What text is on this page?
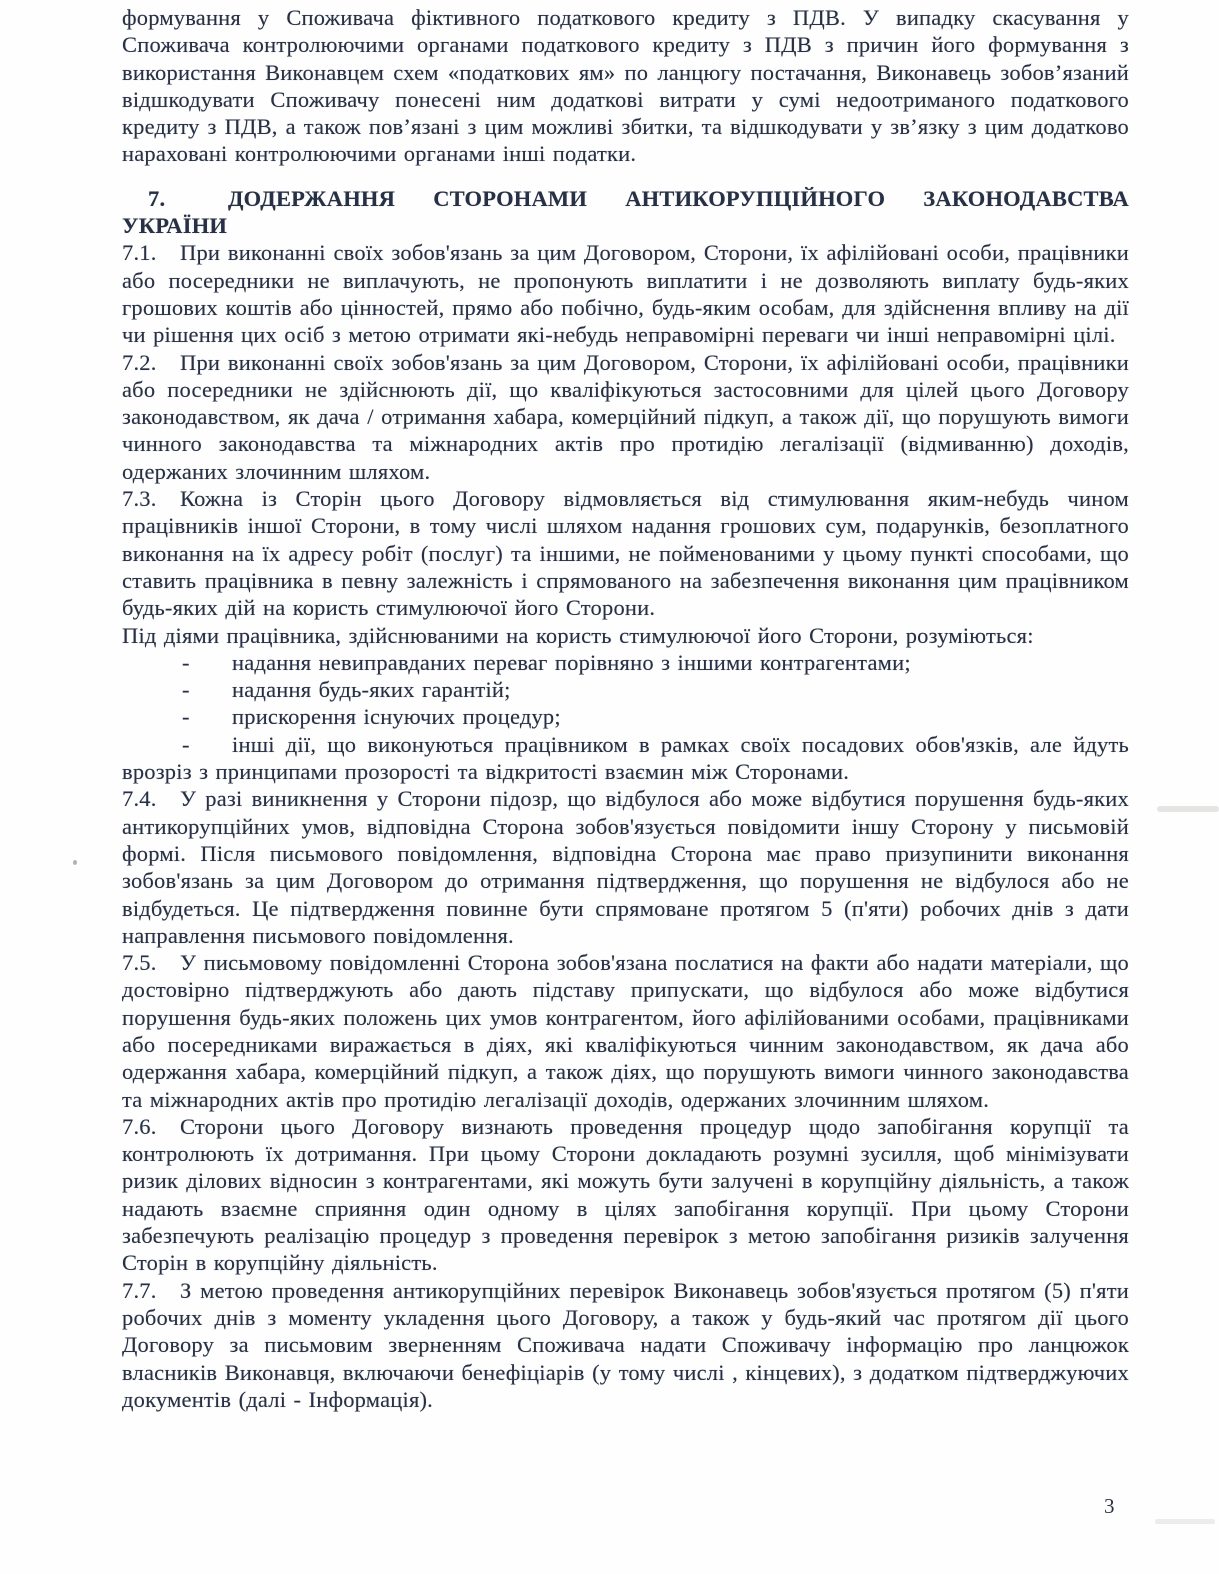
формування у Споживача фіктивного податкового кредиту з ПДВ. У випадку скасування у Споживача контролюючими органами податкового кредиту з ПДВ з причин його формування з використання Виконавцем схем «податкових ям» по ланцюгу постачання, Виконавець зобов’язаний відшкодувати Споживачу понесені ним додаткові витрати у сумі недоотриманого податкового кредиту з ПДВ, а також пов’язані з цим можливі збитки, та відшкодувати у зв’язку з цим додатково нараховані контролюючими органами інші податки.

7.	ДОДЕРЖАННЯ СТОРОНАМИ АНТИКОРУПЦІЙНОГО ЗАКОНОДАВСТВА УКРАЇНИ

7.1. При виконанні своїх зобов'язань за цим Договором, Сторони, їх афілійовані особи, працівники або посередники не виплачують, не пропонують виплатити і не дозволяють виплату будь-яких грошових коштів або цінностей, прямо або побічно, будь-яким особам, для здійснення впливу на дії чи рішення цих осіб з метою отримати які-небудь неправомірні переваги чи інші неправомірні цілі.

7.2. При виконанні своїх зобов'язань за цим Договором, Сторони, їх афілійовані особи, працівники або посередники не здійснюють дії, що кваліфікуються застосовними для цілей цього Договору законодавством, як дача / отримання хабара, комерційний підкуп, а також дії, що порушують вимоги чинного законодавства та міжнародних актів про протидію легалізації (відмиванню) доходів, одержаних злочинним шляхом.

7.3. Кожна із Сторін цього Договору відмовляється від стимулювання яким-небудь чином працівників іншої Сторони, в тому числі шляхом надання грошових сум, подарунків, безоплатного виконання на їх адресу робіт (послуг) та іншими, не пойменованими у цьому пункті способами, що ставить працівника в певну залежність і спрямованого на забезпечення виконання цим працівником будь-яких дій на користь стимулюючої його Сторони.

Під діями працівника, здійснюваними на користь стимулюючої його Сторони, розуміються:

- надання невиправданих переваг порівняно з іншими контрагентами;

- надання будь-яких гарантій;

- прискорення існуючих процедур;

- інші дії, що виконуються працівником в рамках своїх посадових обов'язків, але йдуть врозріз з принципами прозорості та відкритості взаємин між Сторонами.

7.4. У разі виникнення у Сторони підозр, що відбулося або може відбутися порушення будь-яких антикорупційних умов, відповідна Сторона зобов'язується повідомити іншу Сторону у письмовій формі. Після письмового повідомлення, відповідна Сторона має право призупинити виконання зобов'язань за цим Договором до отримання підтвердження, що порушення не відбулося або не відбудеться. Це підтвердження повинне бути спрямоване протягом 5 (п'яти) робочих днів з дати направлення письмового повідомлення.

7.5. У письмовому повідомленні Сторона зобов'язана послатися на факти або надати матеріали, що достовірно підтверджують або дають підставу припускати, що відбулося або може відбутися порушення будь-яких положень цих умов контрагентом, його афілійованими особами, працівниками або посередниками виражається в діях, які кваліфікуються чинним законодавством, як дача або одержання хабара, комерційний підкуп, а також діях, що порушують вимоги чинного законодавства та міжнародних актів про протидію легалізації доходів, одержаних злочинним шляхом.

7.6. Сторони цього Договору визнають проведення процедур щодо запобігання корупції та контролюють їх дотримання. При цьому Сторони докладають розумні зусилля, щоб мінімізувати ризик ділових відносин з контрагентами, які можуть бути залучені в корупційну діяльність, а також надають взаємне сприяння один одному в цілях запобігання корупції. При цьому Сторони забезпечують реалізацію процедур з проведення перевірок з метою запобігання ризиків залучення Сторін в корупційну діяльність.

7.7. З метою проведення антикорупційних перевірок Виконавець зобов'язується протягом (5) п'яти робочих днів з моменту укладення цього Договору, а також у будь-який час протягом дії цього Договору за письмовим зверненням Споживача надати Споживачу інформацію про ланцюжок власників Виконавця, включаючи бенефіціарів (у тому числі , кінцевих), з додатком підтверджуючих документів (далі - Інформація).

3
